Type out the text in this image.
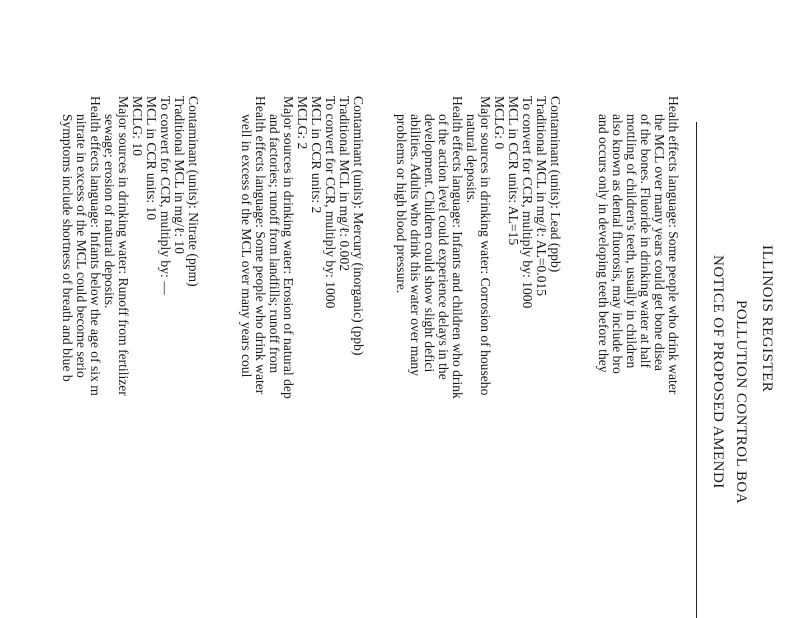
ILLINOIS REGISTER
POLLUTION CONTROL BOA
NOTICE OF PROPOSED AMENDI
Health effects language: Some people who drink water
the MCL over many years could get bone disea
of the bones. Fluoride in drinking water at half
mottling of children's teeth, usually in children
also known as dental fluorosis, may include bro
and occurs only in developing teeth before they
Contaminant (units): Lead (ppb)
Traditional MCL in mg/ℓ: AL=0.015
To convert for CCR, multiply by: 1000
MCL in CCR units: AL=15
MCLG: 0
Major sources in drinking water: Corrosion of househo
natural deposits.
Health effects language: Infants and children who drink
of the action level could experience delays in the
development. Children could show slight defici
abilities. Adults who drink this water over many
problems or high blood pressure.
Contaminant (units): Mercury (inorganic) (ppb)
Traditional MCL in mg/ℓ: 0.002
To convert for CCR, multiply by: 1000
MCL in CCR units: 2
MCLG: 2
Major sources in drinking water: Erosion of natural dep
and factories; runoff from landfills; runoff from
Health effects language: Some people who drink water
well in excess of the MCL over many years coul
Contaminant (units): Nitrate (ppm)
Traditional MCL in mg/ℓ: 10
To convert for CCR, multiply by: —
MCL in CCR units: 10
MCLG: 10
Major sources in drinking water: Runoff from fertilizer
sewage; erosion of natural deposits.
Health effects language: Infants below the age of six m
nitrate in excess of the MCL could become serio
Symptoms include shortness of breath and blue b
